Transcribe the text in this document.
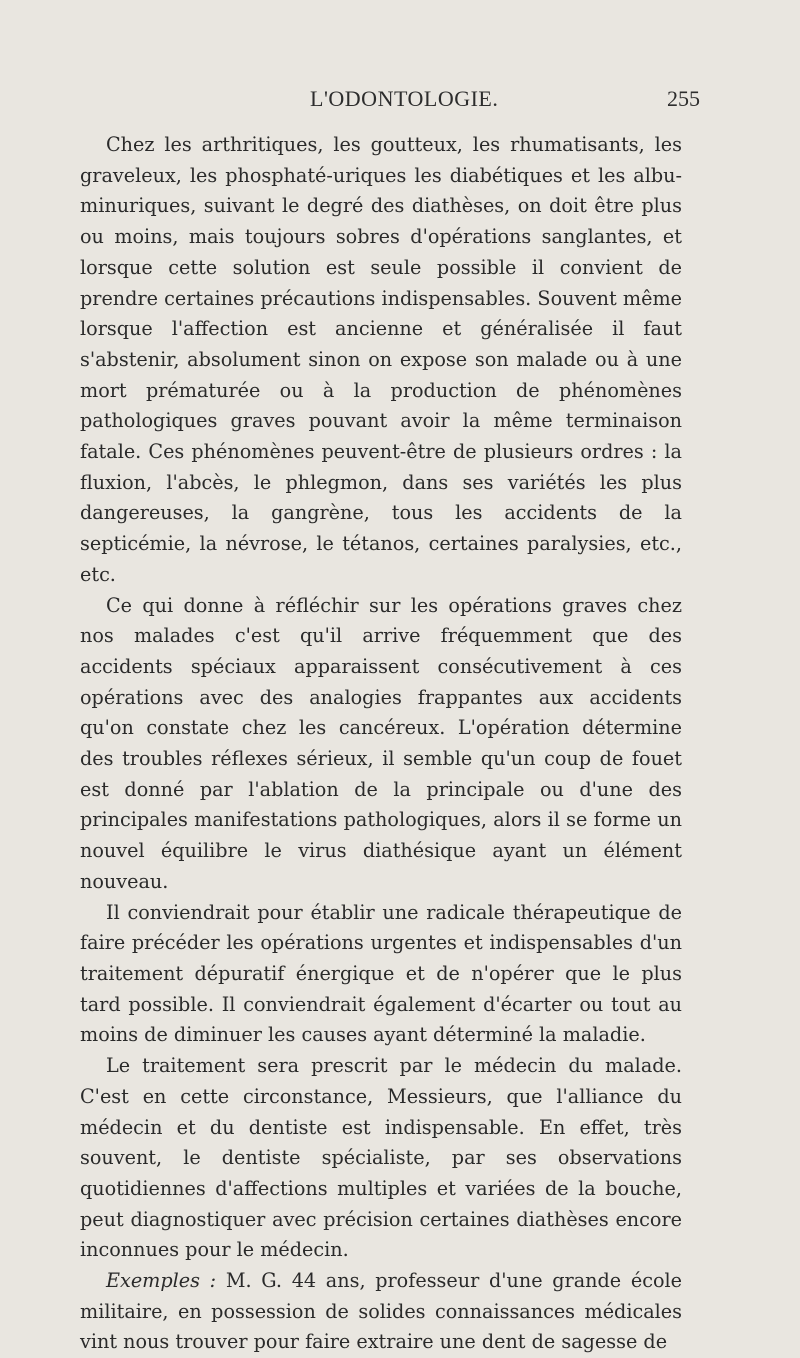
L'ODONTOLOGIE.	255

Chez les arthritiques, les goutteux, les rhumatisants, les graveleux, les phosphaté-uriques les diabétiques et les albuminuriques, suivant le degré des diathèses, on doit être plus ou moins, mais toujours sobres d'opérations sanglantes, et lorsque cette solution est seule possible il convient de prendre certaines précautions indispensables. Souvent même lorsque l'affection est ancienne et généralisée il faut s'abstenir, absolument sinon on expose son malade ou à une mort prématurée ou à la production de phénomènes pathologiques graves pouvant avoir la même terminaison fatale. Ces phénomènes peuvent-être de plusieurs ordres : la fluxion, l'abcès, le phlegmon, dans ses variétés les plus dangereuses, la gangrène, tous les accidents de la septicémie, la névrose, le tétanos, certaines paralysies, etc., etc.

Ce qui donne à réfléchir sur les opérations graves chez nos malades c'est qu'il arrive fréquemment que des accidents spéciaux apparaissent consécutivement à ces opérations avec des analogies frappantes aux accidents qu'on constate chez les cancéreux. L'opération détermine des troubles réflexes sérieux, il semble qu'un coup de fouet est donné par l'ablation de la principale ou d'une des principales manifestations pathologiques, alors il se forme un nouvel équilibre le virus diathésique ayant un élément nouveau.

Il conviendrait pour établir une radicale thérapeutique de faire précéder les opérations urgentes et indispensables d'un traitement dépuratif énergique et de n'opérer que le plus tard possible. Il conviendrait également d'écarter ou tout au moins de diminuer les causes ayant déterminé la maladie.

Le traitement sera prescrit par le médecin du malade. C'est en cette circonstance, Messieurs, que l'alliance du médecin et du dentiste est indispensable. En effet, très souvent, le dentiste spécialiste, par ses observations quotidiennes d'affections multiples et variées de la bouche, peut diagnostiquer avec précision certaines diathèses encore inconnues pour le médecin.

Exemples : M. G. 44 ans, professeur d'une grande école militaire, en possession de solides connaissances médicales vint nous trouver pour faire extraire une dent de sagesse de
